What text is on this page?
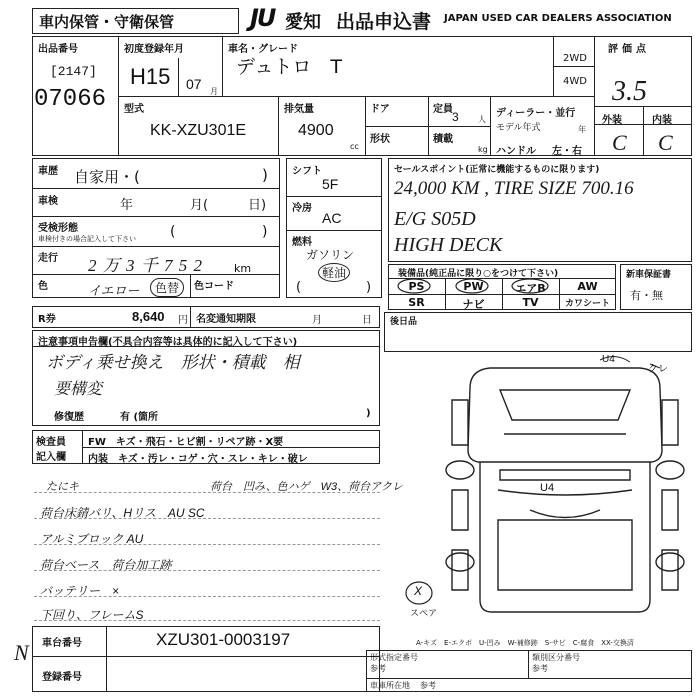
車内保管・守衛保管	JU 愛知 出品申込書 JAPAN USED CAR DEALERS ASSOCIATION
出品番号
[2147]
07066
初度登録年月
H15 07 月
車名・グレード
デュトロ　T	2WD
4WD
評価点
3.5
外装	内装
C C
型式
KK-XZU301E
排気量
4900
cc
ドア
形状
定員
3 人
積載
kg
ディーラー・並行
モデル年式	年
ハンドル 左・右
車歴 自家用・(	)
車検	年	月(	日)
受検形態
車検付きの場合記入して下さい (	)
走行 2 万 3 千 7 5 2	km
色	イエロー	色替	色コード
R券	8,640 円 名変通知期限	月	日
シフト
5F
冷房
AC
燃料
ガソリン
軽油
(	)
セールスポイント(正常に機能するものに限ります)
24,000 KM , TIRE SIZE 700.16
E/G S05D
HIGH DECK
装備品(純正品に限り○をつけて下さい)
PS	PW	エアB	AW
SR	ナビ	TV	カワシート
新車保証書
有・無
後日品
注意事項申告欄(不具合内容等は具体的に記入して下さい)
ボディ乗せ換え　形状・積載　相
要構変
修復歴	有 (箇所	)
検査員
記入欄
FW　キズ・飛石・ヒビ割・リペア跡・X要
内装　キズ・汚レ・コゲ・穴・スレ・キレ・破レ
たにキ	荷台　凹み、色ハゲ　W3、荷台アクレ
荷台床錆バリ、Hリス　AU SC
アルミブロック AU
荷台ベース　荷台加工跡
バッテリー　×
下回り、フレームS
U4
クレ
U4
X
スペア
車台番号	XZU301-0003197
登録番号
N	A-キズ　E-エクボ　U-凹み　W-補修跡　S-サビ　C-腐食　XX-交換済
形式指定番号
参考
類別区分番号
参考
車庫所在地 参考
